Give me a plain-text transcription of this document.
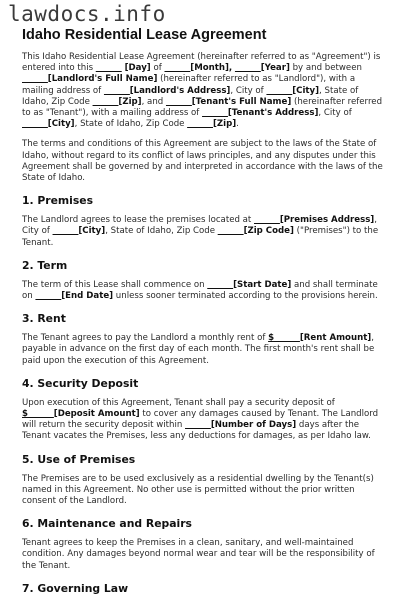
lawdocs.info
Idaho Residential Lease Agreement

This Idaho Residential Lease Agreement (hereinafter referred to as "Agreement") is entered into this ______ [Day] of ______[Month], ______[Year] by and between ______[Landlord's Full Name] (hereinafter referred to as "Landlord"), with a mailing address of ______[Landlord's Address], City of ______[City], State of Idaho, Zip Code ______[Zip], and ______[Tenant's Full Name] (hereinafter referred to as "Tenant"), with a mailing address of ______[Tenant's Address], City of ______[City], State of Idaho, Zip Code ______[Zip].

The terms and conditions of this Agreement are subject to the laws of the State of Idaho, without regard to its conflict of laws principles, and any disputes under this Agreement shall be governed by and interpreted in accordance with the laws of the State of Idaho.

1. Premises

The Landlord agrees to lease the premises located at ______[Premises Address], City of ______[City], State of Idaho, Zip Code ______[Zip Code] ("Premises") to the Tenant.

2. Term

The term of this Lease shall commence on ______[Start Date] and shall terminate on ______[End Date] unless sooner terminated according to the provisions herein.

3. Rent

The Tenant agrees to pay the Landlord a monthly rent of $______[Rent Amount], payable in advance on the first day of each month. The first month's rent shall be paid upon the execution of this Agreement.

4. Security Deposit

Upon execution of this Agreement, Tenant shall pay a security deposit of $______[Deposit Amount] to cover any damages caused by Tenant. The Landlord will return the security deposit within ______[Number of Days] days after the Tenant vacates the Premises, less any deductions for damages, as per Idaho law.

5. Use of Premises

The Premises are to be used exclusively as a residential dwelling by the Tenant(s) named in this Agreement. No other use is permitted without the prior written consent of the Landlord.

6. Maintenance and Repairs

Tenant agrees to keep the Premises in a clean, sanitary, and well-maintained condition. Any damages beyond normal wear and tear will be the responsibility of the Tenant.

7. Governing Law
